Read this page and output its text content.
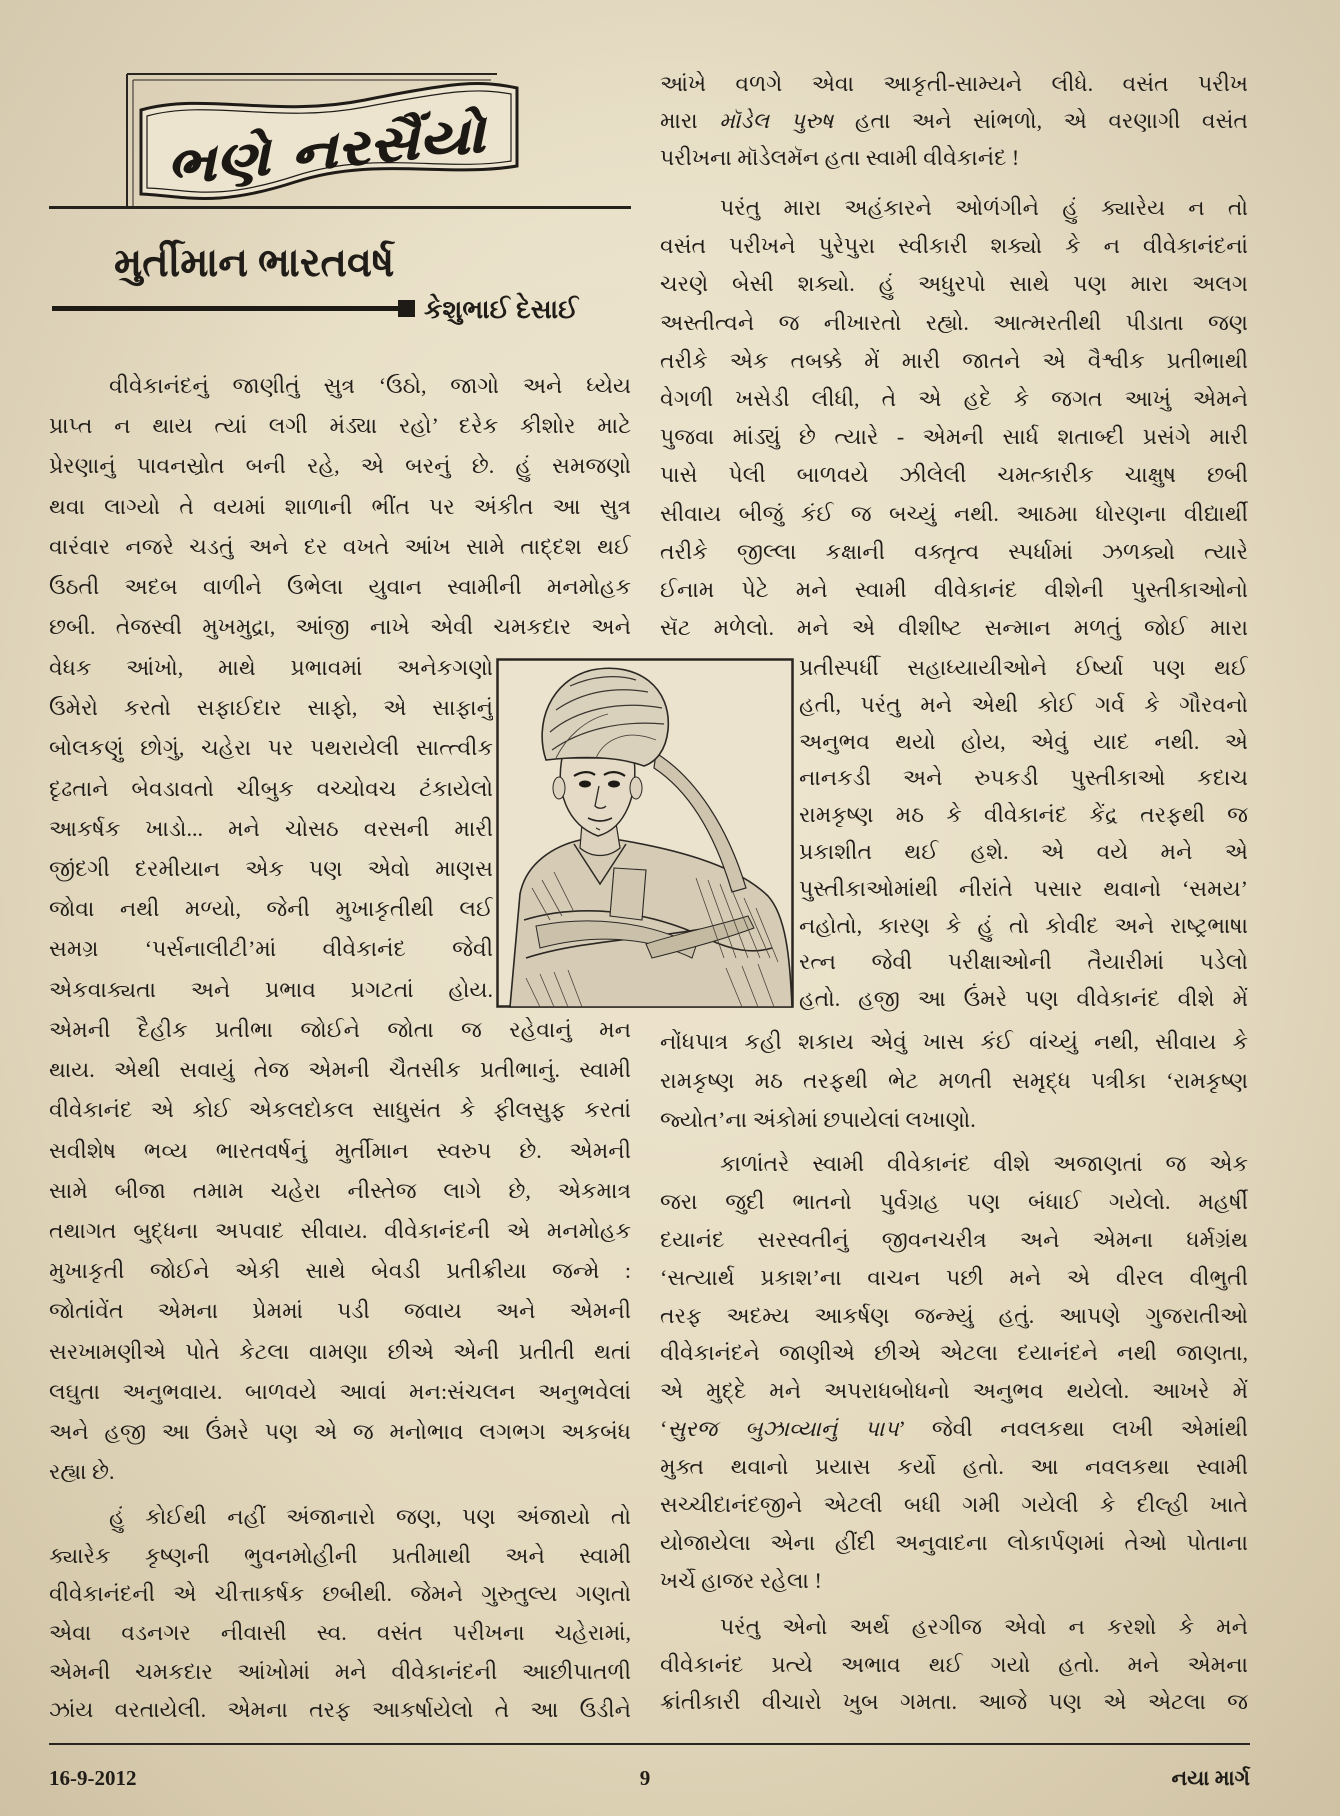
ભણે નરસૈંયો
મુર્તીમાન ભારતવર્ષ
કેશુભાઈ દેસાઈ
વીવેકાનંદનું જાણીતું સુત્ર ‘ઉઠો, જાગો અને ધ્યેય
પ્રાપ્ત ન થાય ત્યાં લગી મંડ્યા રહો’ દરેક કીશોર માટે
પ્રેરણાનું પાવનસ્રોત બની રહે, એ બરનું છે. હું સમજણો
થવા લાગ્યો તે વયમાં શાળાની ભીંત પર અંકીત આ સુત્ર
વારંવાર નજરે ચડતું અને દર વખતે આંખ સામે તાદ્દશ થઈ
ઉઠતી અદબ વાળીને ઉભેલા યુવાન સ્વામીની મનમોહક
છબી. તેજસ્વી મુખમુદ્રા, આંજી નાખે એવી ચમકદાર અને
વેધક આંખો, માથે પ્રભાવમાં અનેકગણો
ઉમેરો કરતો સફાઈદાર સાફો, એ સાફાનું
બોલકણું છોગું, ચહેરા પર પથરાયેલી સાત્ત્વીક
દૃઢતાને બેવડાવતો ચીબુક વચ્ચોવચ ટંકાયેલો
આકર્ષક ખાડો... મને ચોસઠ વરસની મારી
જીંદગી દરમીયાન એક પણ એવો માણસ
જોવા નથી મળ્યો, જેની મુખાકૃતીથી લઈ
સમગ્ર ‘પર્સનાલીટી’માં વીવેકાનંદ જેવી
એકવાક્યતા અને પ્રભાવ પ્રગટતાં હોય.
એમની દૈહીક પ્રતીભા જોઈને જોતા જ રહેવાનું મન
થાય. એથી સવાયું તેજ એમની ચૈતસીક પ્રતીભાનું. સ્વામી
વીવેકાનંદ એ કોઈ એકલદોકલ સાધુસંત કે ફીલસુફ કરતાં
સવીશેષ ભવ્ય ભારતવર્ષનું મુર્તીમાન સ્વરુપ છે. એમની
સામે બીજા તમામ ચહેરા નીસ્તેજ લાગે છે, એકમાત્ર
તથાગત બુદ્ધના અપવાદ સીવાય. વીવેકાનંદની એ મનમોહક
મુખાકૃતી જોઈને એકી સાથે બેવડી પ્રતીક્રીયા જન્મે :
જોતાંવેંત એમના પ્રેમમાં પડી જવાય અને એમની
સરખામણીએ પોતે કેટલા વામણા છીએ એની પ્રતીતી થતાં
લઘુતા અનુભવાય. બાળવયે આવાં મન:સંચલન અનુભવેલાં
અને હજી આ ઉંમરે પણ એ જ મનોભાવ લગભગ અકબંધ
રહ્યા છે.
હું કોઈથી નહીં અંજાનારો જણ, પણ અંજાયો તો
ક્યારેક કૃષ્ણની ભુવનમોહીની પ્રતીમાથી અને સ્વામી
વીવેકાનંદની એ ચીત્તાકર્ષક છબીથી. જેમને ગુરુતુલ્ય ગણતો
એવા વડનગર નીવાસી સ્વ. વસંત પરીખના ચહેરામાં,
એમની ચમકદાર આંખોમાં મને વીવેકાનંદની આછીપાતળી
ઝાંય વરતાયેલી. એમના તરફ આકર્ષાયેલો તે આ ઉડીને
આંખે વળગે એવા આકૃતી-સામ્યને લીધે. વસંત પરીખ
મારા મૉડેલ પુરુષ હતા અને સાંભળો, એ વરણાગી વસંત
પરીખના મૉડેલમૅન હતા સ્વામી વીવેકાનંદ !
પરંતુ મારા અહંકારને ઓળંગીને હું ક્યારેય ન તો
વસંત પરીખને પુરેપુરા સ્વીકારી શક્યો કે ન વીવેકાનંદનાં
ચરણે બેસી શક્યો. હું અધુરપો સાથે પણ મારા અલગ
અસ્તીત્વને જ નીખારતો રહ્યો. આત્મરતીથી પીડાતા જણ
તરીકે એક તબક્કે મેં મારી જાતને એ વૈશ્વીક પ્રતીભાથી
વેગળી ખસેડી લીધી, તે એ હદે કે જગત આખું એમને
પુજવા માંડ્યું છે ત્યારે - એમની સાર્ધ શતાબ્દી પ્રસંગે મારી
પાસે પેલી બાળવયે ઝીલેલી ચમત્કારીક ચાક્ષુષ છબી
સીવાય બીજું કંઈ જ બચ્યું નથી. આઠમા ધોરણના વીદ્યાર્થી
તરીકે જીલ્લા કક્ષાની વક્તૃત્વ સ્પર્ધામાં ઝળક્યો ત્યારે
ઈનામ પેટે મને સ્વામી વીવેકાનંદ વીશેની પુસ્તીકાઓનો
સૅટ મળેલો. મને એ વીશીષ્ટ સન્માન મળતું જોઈ મારા
પ્રતીસ્પર્ધી સહાધ્યાયીઓને ઈર્ષ્યા પણ થઈ
હતી, પરંતુ મને એથી કોઈ ગર્વ કે ગૌરવનો
અનુભવ થયો હોય, એવું યાદ નથી. એ
નાનકડી અને રુપકડી પુસ્તીકાઓ કદાચ
રામકૃષ્ણ મઠ કે વીવેકાનંદ કેંદ્ર તરફથી જ
પ્રકાશીત થઈ હશે. એ વયે મને એ
પુસ્તીકાઓમાંથી નીરાંતે પસાર થવાનો ‘સમય’
નહોતો, કારણ કે હું તો કોવીદ અને રાષ્ટ્રભાષા
રત્ન જેવી પરીક્ષાઓની તૈયારીમાં પડેલો
હતો. હજી આ ઉંમરે પણ વીવેકાનંદ વીશે મેં
નોંધપાત્ર કહી શકાય એવું ખાસ કંઈ વાંચ્યું નથી, સીવાય કે
રામકૃષ્ણ મઠ તરફથી ભેટ મળતી સમૃદ્ધ પત્રીકા ‘રામકૃષ્ણ
જ્યોત’ના અંકોમાં છપાયેલાં લખાણો.
કાળાંતરે સ્વામી વીવેકાનંદ વીશે અજાણતાં જ એક
જરા જુદી ભાતનો પુર્વગ્રહ પણ બંધાઈ ગયેલો. મહર્ષી
દયાનંદ સરસ્વતીનું જીવનચરીત્ર અને એમના ધર્મગ્રંથ
‘સત્યાર્થ પ્રકાશ’ના વાચન પછી મને એ વીરલ વીભુતી
તરફ અદમ્ય આકર્ષણ જન્મ્યું હતું. આપણે ગુજરાતીઓ
વીવેકાનંદને જાણીએ છીએ એટલા દયાનંદને નથી જાણતા,
એ મુદ્દે મને અપરાધબોધનો અનુભવ થયેલો. આખરે મેં
‘સુરજ બુઝાવ્યાનું પાપ’ જેવી નવલકથા લખી એમાંથી
મુક્ત થવાનો પ્રયાસ કર્યો હતો. આ નવલકથા સ્વામી
સચ્ચીદાનંદજીને એટલી બધી ગમી ગયેલી કે દીલ્હી ખાતે
યોજાયેલા એના હીંદી અનુવાદના લોકાર્પણમાં તેઓ પોતાના
ખર્ચે હાજર રહેલા !
પરંતુ એનો અર્થ હરગીજ એવો ન કરશો કે મને
વીવેકાનંદ પ્રત્યે અભાવ થઈ ગયો હતો. મને એમના
ક્રાંતીકારી વીચારો ખુબ ગમતા. આજે પણ એ એટલા જ
16-9-2012	9	નયા માર્ગ
